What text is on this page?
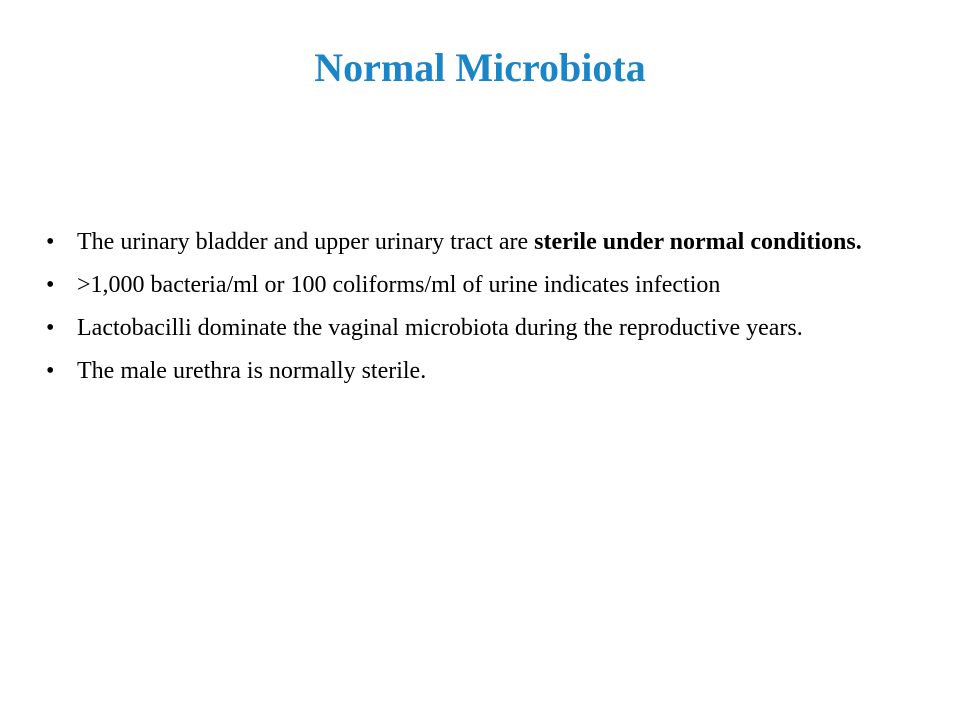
Normal Microbiota
• The urinary bladder and upper urinary tract are sterile under normal conditions.
• >1,000 bacteria/ml or 100 coliforms/ml of urine indicates infection
• Lactobacilli dominate the vaginal microbiota during the reproductive years.
• The male urethra is normally sterile.
